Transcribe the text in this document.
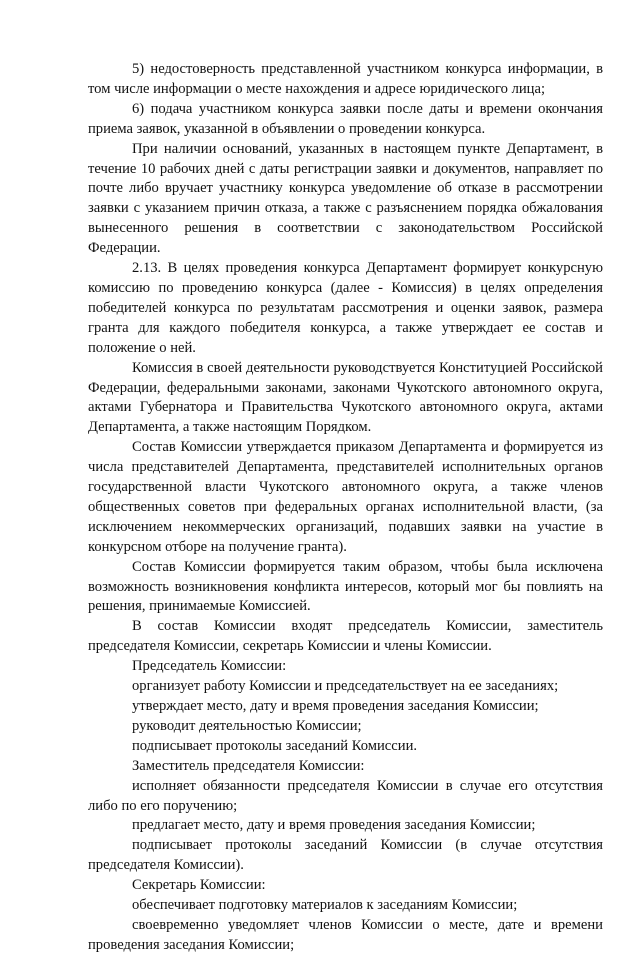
5) недостоверность представленной участником конкурса информации, в том числе информации о месте нахождения и адресе юридического лица;

6) подача участником конкурса заявки после даты и времени окончания приема заявок, указанной в объявлении о проведении конкурса.

При наличии оснований, указанных в настоящем пункте Департамент, в течение 10 рабочих дней с даты регистрации заявки и документов, направляет по почте либо вручает участнику конкурса уведомление об отказе в рассмотрении заявки с указанием причин отказа, а также с разъяснением порядка обжалования вынесенного решения в соответствии с законодательством Российской Федерации.

2.13. В целях проведения конкурса Департамент формирует конкурсную комиссию по проведению конкурса (далее - Комиссия) в целях определения победителей конкурса по результатам рассмотрения и оценки заявок, размера гранта для каждого победителя конкурса, а также утверждает ее состав и положение о ней.

Комиссия в своей деятельности руководствуется Конституцией Российской Федерации, федеральными законами, законами Чукотского автономного округа, актами Губернатора и Правительства Чукотского автономного округа, актами Департамента, а также настоящим Порядком.

Состав Комиссии утверждается приказом Департамента и формируется из числа представителей Департамента, представителей исполнительных органов государственной власти Чукотского автономного округа, а также членов общественных советов при федеральных органах исполнительной власти, (за исключением некоммерческих организаций, подавших заявки на участие в конкурсном отборе на получение гранта).

Состав Комиссии формируется таким образом, чтобы была исключена возможность возникновения конфликта интересов, который мог бы повлиять на решения, принимаемые Комиссией.

В состав Комиссии входят председатель Комиссии, заместитель председателя Комиссии, секретарь Комиссии и члены Комиссии.

Председатель Комиссии:

организует работу Комиссии и председательствует на ее заседаниях;

утверждает место, дату и время проведения заседания Комиссии;

руководит деятельностью Комиссии;

подписывает протоколы заседаний Комиссии.

Заместитель председателя Комиссии:

исполняет обязанности председателя Комиссии в случае его отсутствия либо по его поручению;

предлагает место, дату и время проведения заседания Комиссии;

подписывает протоколы заседаний Комиссии (в случае отсутствия председателя Комиссии).

Секретарь Комиссии:

обеспечивает подготовку материалов к заседаниям Комиссии;

своевременно уведомляет членов Комиссии о месте, дате и времени проведения заседания Комиссии;
